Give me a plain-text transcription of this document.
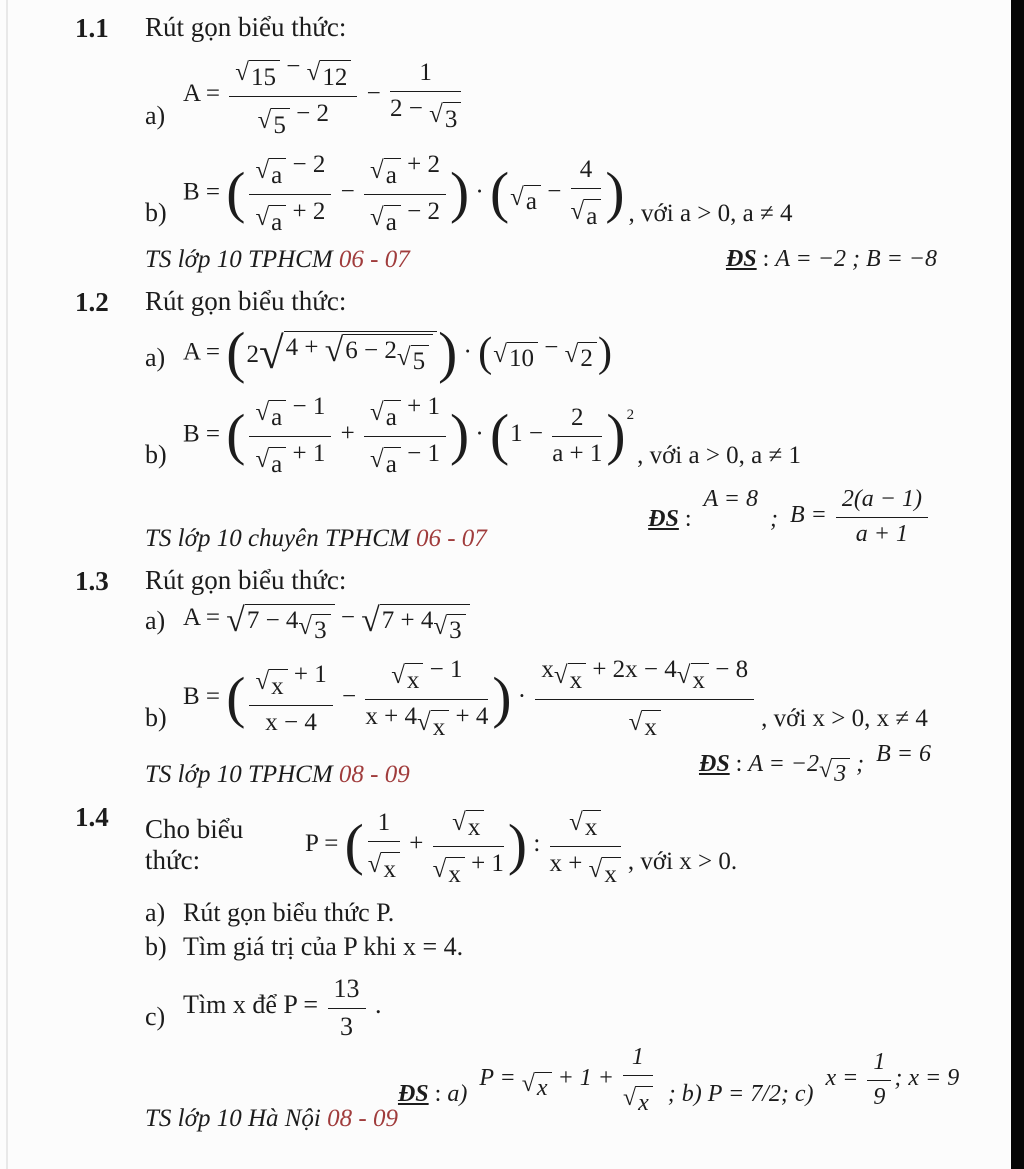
1.1	Rút gọn biểu thức:
a)
$A = \frac{√ 15 - √ 12}{√ 5 - 2} - \frac{1}{2 - √ 3}$
b)
B = ( $\frac{√ a - 2}{√ a + 2} - \frac{√ a + 2}{√ a - 2}$ ) · ( √ $a - \frac{4}{√ a}$ ) , với a > 0, a ≠ 4
TS lớp 10 TPHCM 06 - 07	ĐS : A = −2 ; B = −8
1.2	Rút gọn biểu thức:
a) A = (2 √ 4 + √ 6 − 2 √ 5 ) · ( √ 10 − √ 2 )
b)
B = ( $\frac{√ a - 1}{√ a + 1} + \frac{√ a + 1}{√ a - 1}$ ) · $(1 - \frac{2}{a + 1} )^2$
, với a > 0, a ≠ 1
TS lớp 10 chuyên TPHCM 06 - 07
ĐS : A = 8 ; $B = \frac{2(a - 1)}{a + 1}$
1.3	Rút gọn biểu thức:
a) A = √ 7 − 4 √ 3 − √ 7 + 4 √ 3
b)
B = ( $\frac{√ x + 1}{x - 4} - \frac{√ x - 1}{x + 4 √ x + 4}$ ) · $\frac{x √ x + 2x - 4 √ x - 8}{√ x}$ , với x > 0, x ≠ 4
TS lớp 10 TPHCM 08 - 09	ĐS : A = −2 √ 3 ; B = 6
1.4	Cho biểu thức:
P = ( $\frac{1}{√ x} + \frac{√ x}{√ x + 1}$ ) : $\frac{√ x}{x + √ x}$ , với x > 0.
a) Rút gọn biểu thức P.
b) Tìm giá trị của P khi x = 4.
c) Tìm x để $P = \frac{13}{3}$ .
TS lớp 10 Hà Nội 08 - 09
ĐS : a) P = √ $x + 1 + \frac{1}{√ x}$ ; b) P = 7/2; c) $x = \frac{1}{9}$ ; x = 9
